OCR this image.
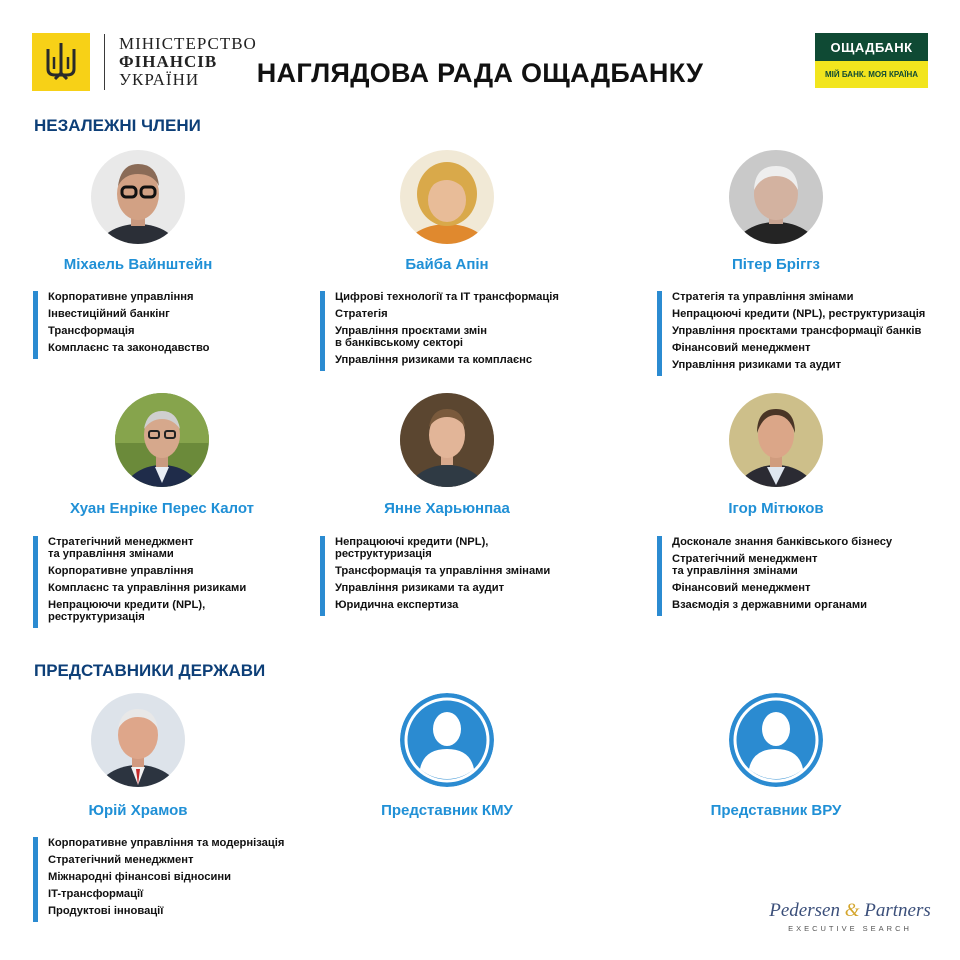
МІНІСТЕРСТВО
ФІНАНСІВ
УКРАЇНИ	НАГЛЯДОВА РАДА ОЩАДБАНКУ
ОЩАДБАНК
МІЙ БАНК. МОЯ КРАЇНА
НЕЗАЛЕЖНІ ЧЛЕНИ
Міхаель Вайнштейн
Корпоративне управління
Інвестиційний банкінг
Трансформація
Комплаєнс та законодавство
Байба Апін
Цифрові технології та IT трансформація
Стратегія
Управління проєктами змін
в банківському секторі
Управління ризиками та комплаєнс
Пітер Бріггз
Стратегія та управління змінами
Непрацюючі кредити (NPL), реструктуризація
Управління проєктами трансформації банків
Фінансовий менеджмент
Управління ризиками та аудит
Хуан Енріке Перес Калот
Стратегічний менеджмент
та управління змінами
Корпоративне управління
Комплаєнс та управління ризиками
Непрацюючи кредити (NPL),
реструктуризація
Янне Харьюнпаа
Непрацюючі кредити (NPL),
реструктуризація
Трансформація та управління змінами
Управління ризиками та аудит
Юридична експертиза
Ігор Мітюков
Досконале знання банківського бізнесу
Стратегічний менеджмент
та управління змінами
Фінансовий менеджмент
Взаємодія з державними органами
ПРЕДСТАВНИКИ ДЕРЖАВИ
Юрій Храмов
Корпоративне управління та модернізація
Стратегічний менеджмент
Міжнародні фінансові відносини
IT-трансформації
Продуктові інновації
Представник КМУ	Представник ВРУ
Pedersen & Partners
EXECUTIVE SEARCH
